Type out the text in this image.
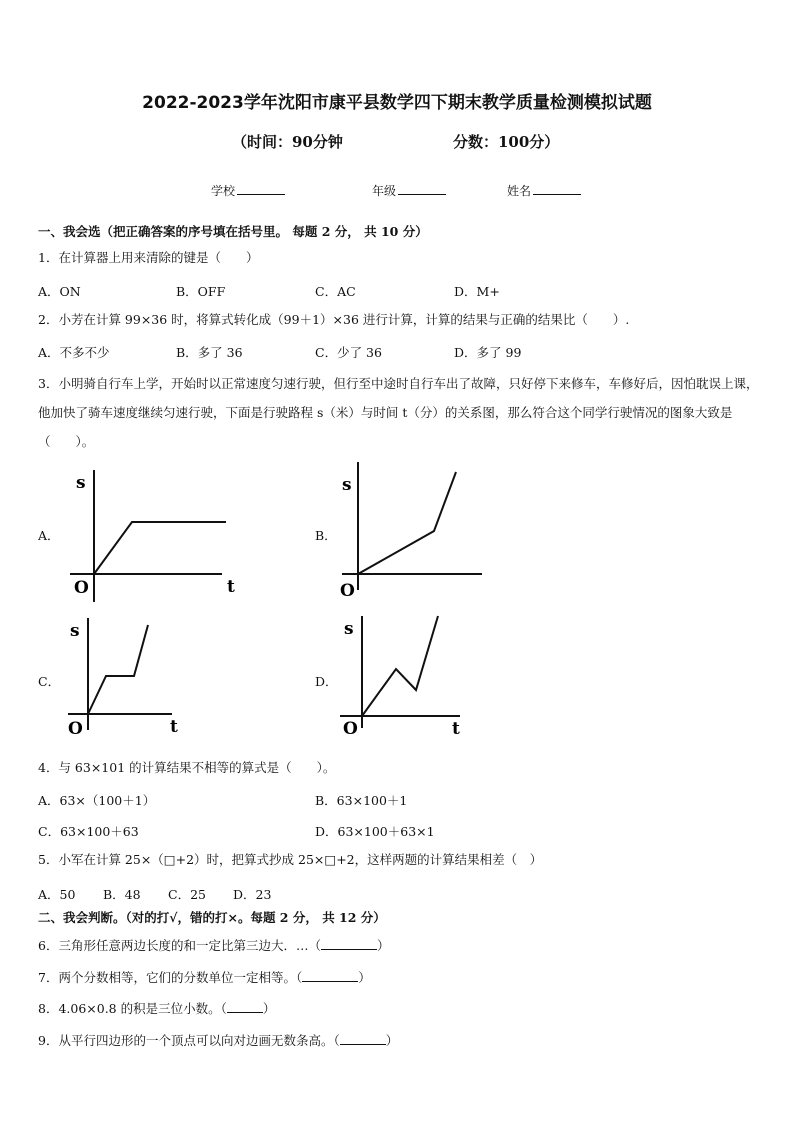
2022-2023学年沈阳市康平县数学四下期末教学质量检测模拟试题
（时间：90分钟	分数：100分）
学校	年级	姓名
一、我会选（把正确答案的序号填在括号里。 每题 2 分， 共 10 分）
1．在计算器上用来清除的键是（　　）
A．ON	B．OFF	C．AC	D．M+
2．小芳在计算 99×36 时，将算式转化成（99＋1）×36 进行计算，计算的结果与正确的结果比（　　）.
A．不多不少	B．多了 36	C．少了 36	D．多了 99
3．小明骑自行车上学，开始时以正常速度匀速行驶，但行至中途时自行车出了故障，只好停下来修车，车修好后，因怕耽误上课，他加快了骑车速度继续匀速行驶，下面是行驶路程 s（米）与时间 t（分）的关系图，那么符合这个同学行驶情况的图象大致是（　　）。
A．	B．
C．	D．
s
t
O
s
O
s
t
O
s
t
O
4．与 63×101 的计算结果不相等的算式是（　　）。
A．63×（100＋1）	B．63×100＋1
C．63×100＋63	D．63×100＋63×1
5．小军在计算 25×（□+2）时，把算式抄成 25×□+2，这样两题的计算结果相差（　）
A．50 B．48 C．25 D．23
二、我会判断。（对的打√，错的打×。每题 2 分， 共 12 分）
6．三角形任意两边长度的和一定比第三边大．…（	）
7．两个分数相等，它们的分数单位一定相等。（	）
8．4.06×0.8 的积是三位小数。（	）
9．从平行四边形的一个顶点可以向对边画无数条高。（	）
